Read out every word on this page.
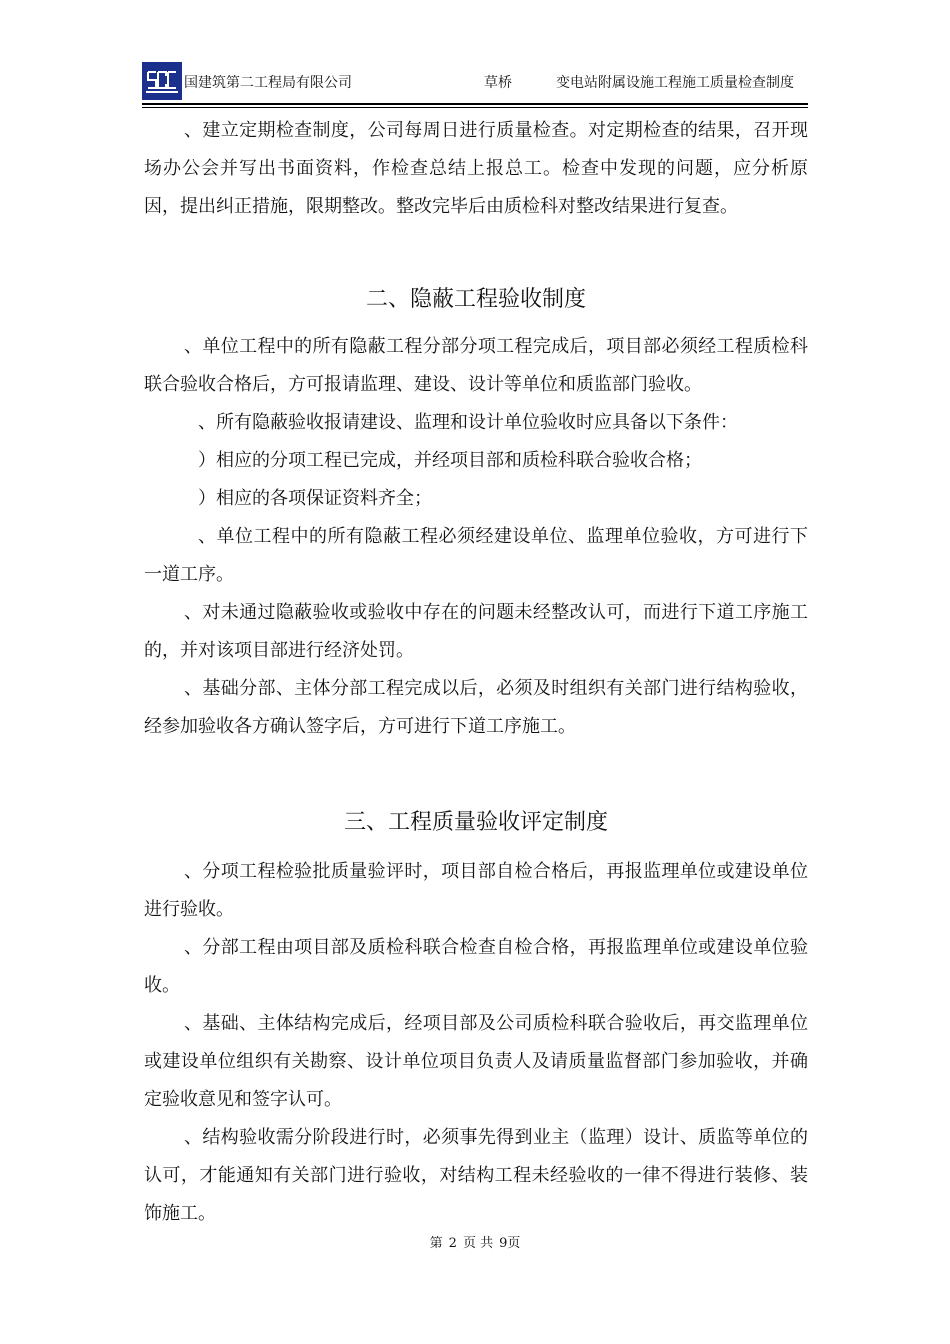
国建筑第二工程局有限公司	草桥	变电站附属设施工程施工质量检查制度

、建立定期检查制度，公司每周日进行质量检查。对定期检查的结果，召开现场办公会并写出书面资料，作检查总结上报总工。检查中发现的问题，应分析原因，提出纠正措施，限期整改。整改完毕后由质检科对整改结果进行复查。

二、隐蔽工程验收制度

、单位工程中的所有隐蔽工程分部分项工程完成后，项目部必须经工程质检科联合验收合格后，方可报请监理、建设、设计等单位和质监部门验收。

、所有隐蔽验收报请建设、监理和设计单位验收时应具备以下条件：

）相应的分项工程已完成，并经项目部和质检科联合验收合格；

）相应的各项保证资料齐全；

、单位工程中的所有隐蔽工程必须经建设单位、监理单位验收，方可进行下一道工序。

、对未通过隐蔽验收或验收中存在的问题未经整改认可，而进行下道工序施工的，并对该项目部进行经济处罚。

、基础分部、主体分部工程完成以后，必须及时组织有关部门进行结构验收，经参加验收各方确认签字后，方可进行下道工序施工。

三、工程质量验收评定制度

、分项工程检验批质量验评时，项目部自检合格后，再报监理单位或建设单位进行验收。

、分部工程由项目部及质检科联合检查自检合格，再报监理单位或建设单位验收。

、基础、主体结构完成后，经项目部及公司质检科联合验收后，再交监理单位或建设单位组织有关勘察、设计单位项目负责人及请质量监督部门参加验收，并确定验收意见和签字认可。

、结构验收需分阶段进行时，必须事先得到业主（监理）设计、质监等单位的认可，才能通知有关部门进行验收，对结构工程未经验收的一律不得进行装修、装饰施工。

第 2 页 共 9页
